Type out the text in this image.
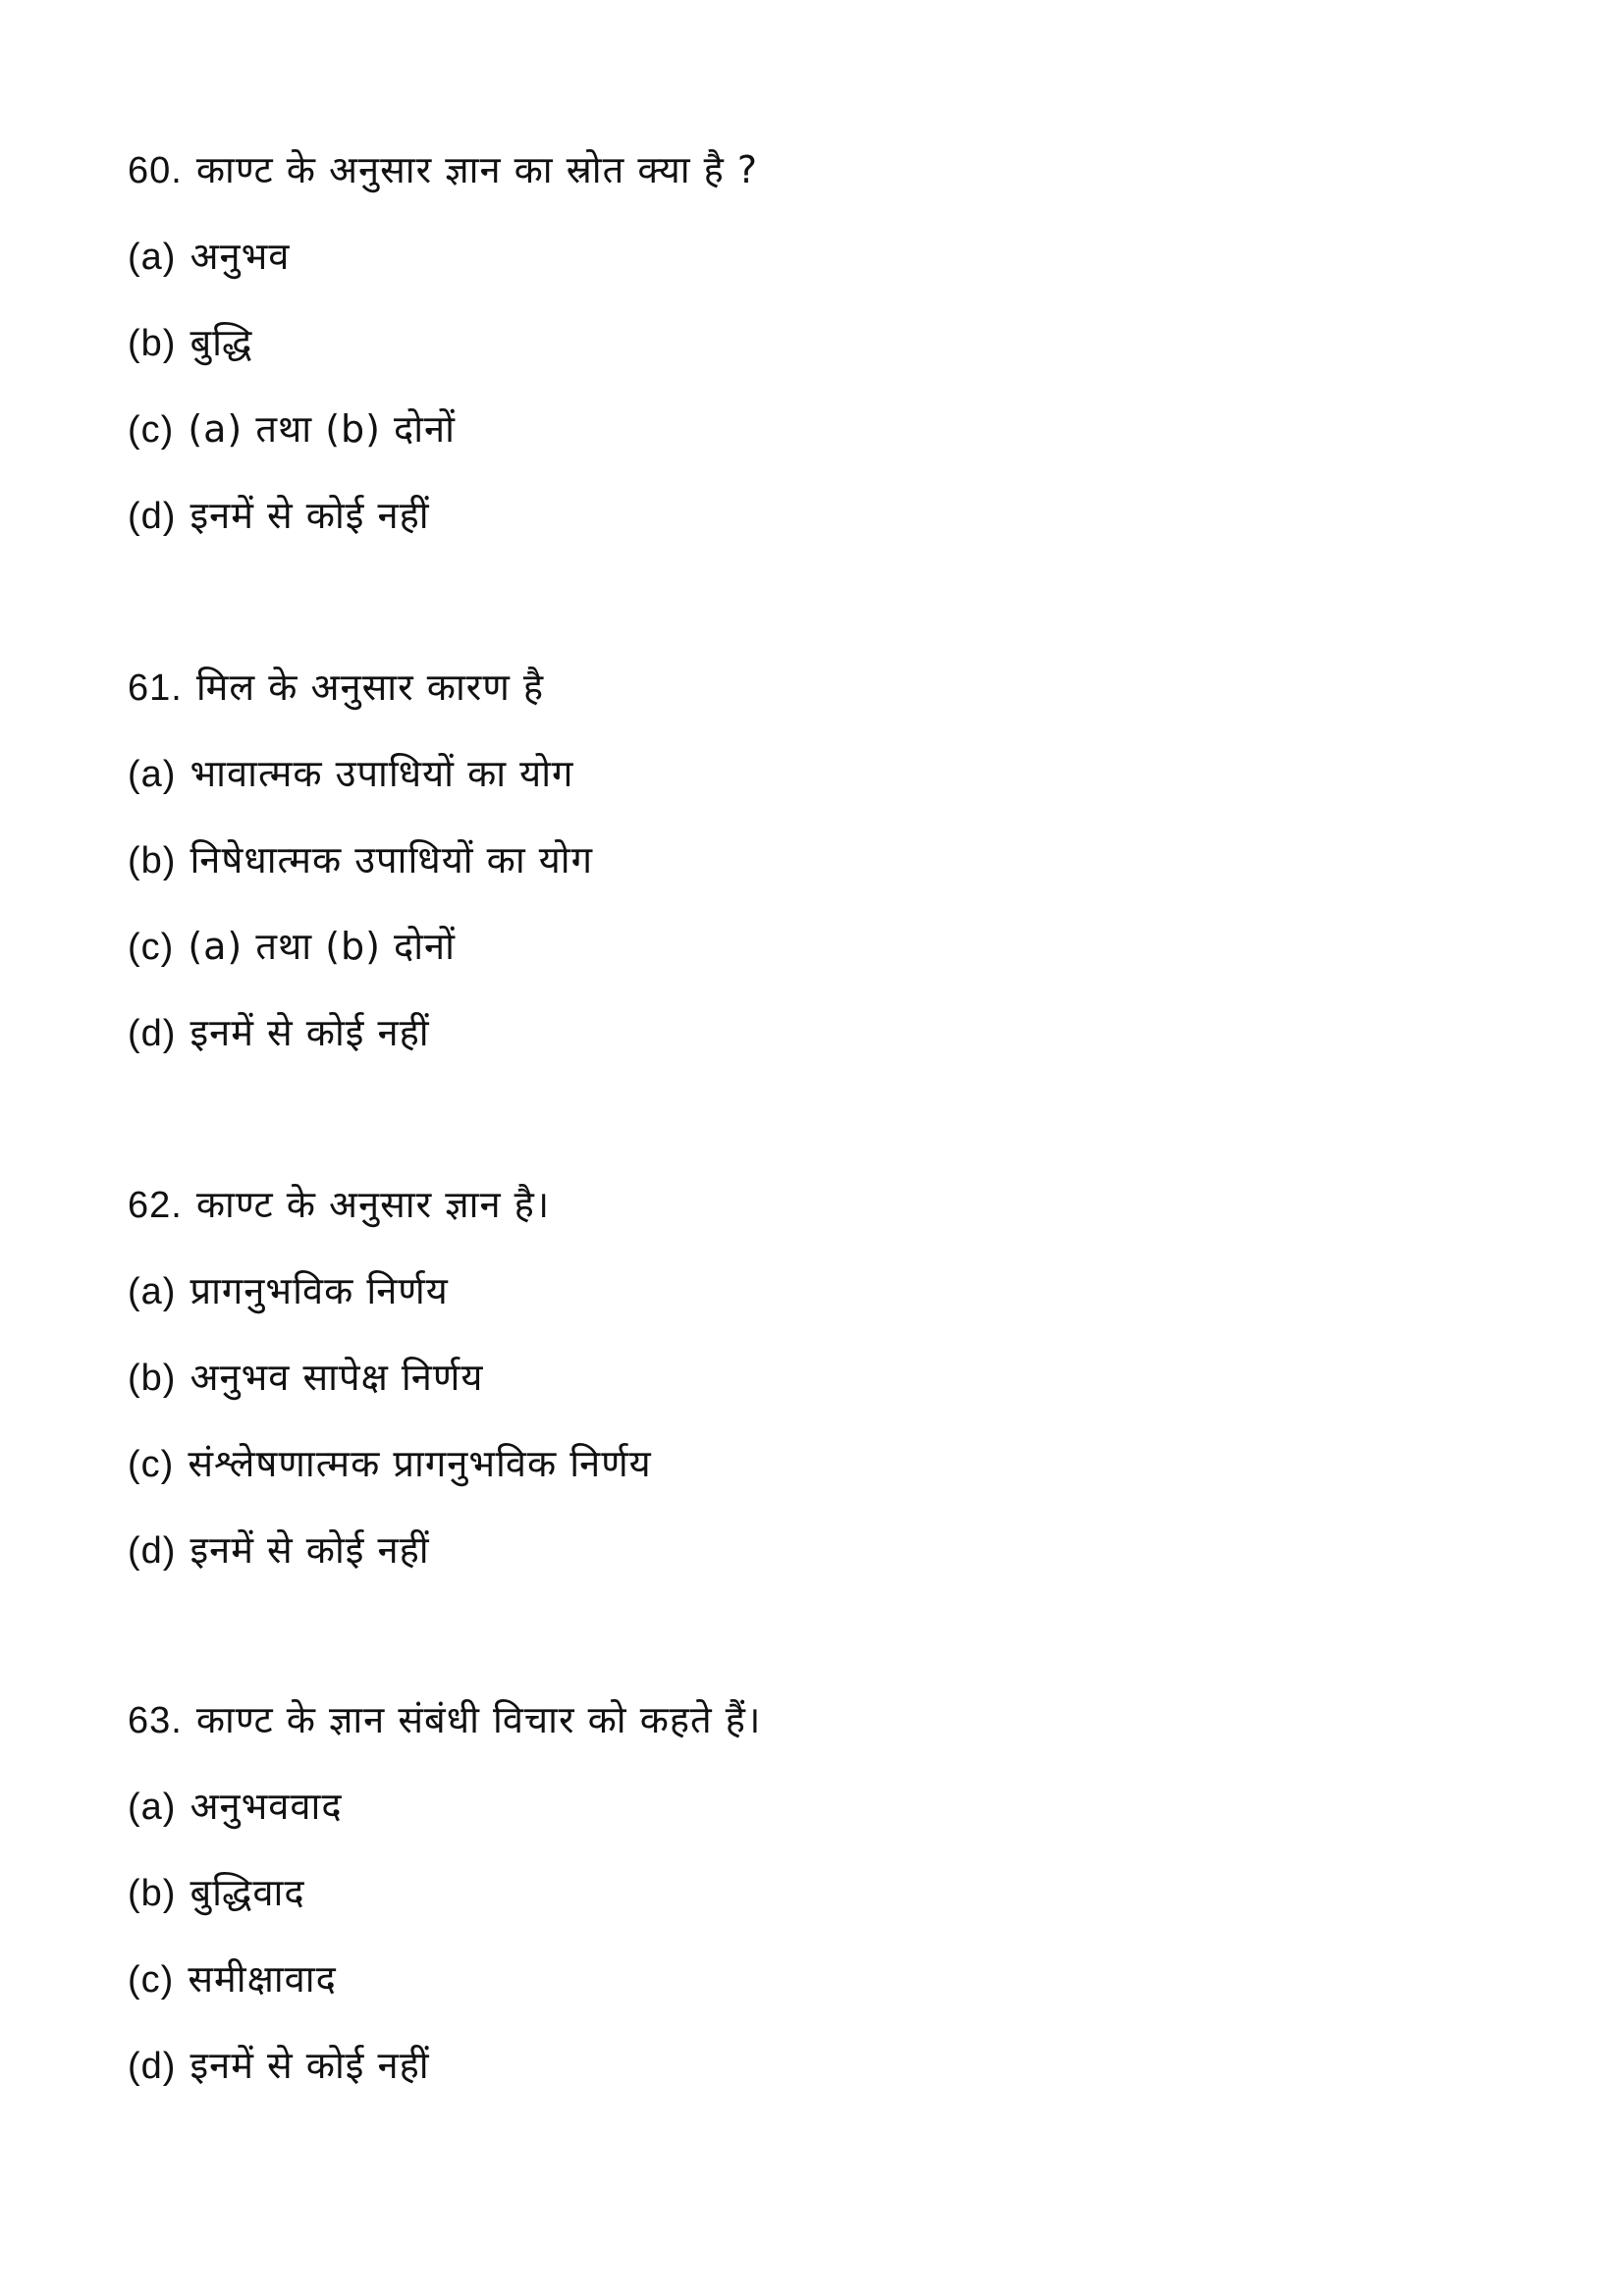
60. काण्ट के अनुसार ज्ञान का स्रोत क्या है ?
(a) अनुभव
(b) बुद्धि
(c) (a) तथा (b) दोनों
(d) इनमें से कोई नहीं
61. मिल के अनुसार कारण है
(a) भावात्मक उपाधियों का योग
(b) निषेधात्मक उपाधियों का योग
(c) (a) तथा (b) दोनों
(d) इनमें से कोई नहीं
62. काण्ट के अनुसार ज्ञान है।
(a) प्रागनुभविक निर्णय
(b) अनुभव सापेक्ष निर्णय
(c) संश्लेषणात्मक प्रागनुभविक निर्णय
(d) इनमें से कोई नहीं
63. काण्ट के ज्ञान संबंधी विचार को कहते हैं।
(a) अनुभववाद
(b) बुद्धिवाद
(c) समीक्षावाद
(d) इनमें से कोई नहीं
